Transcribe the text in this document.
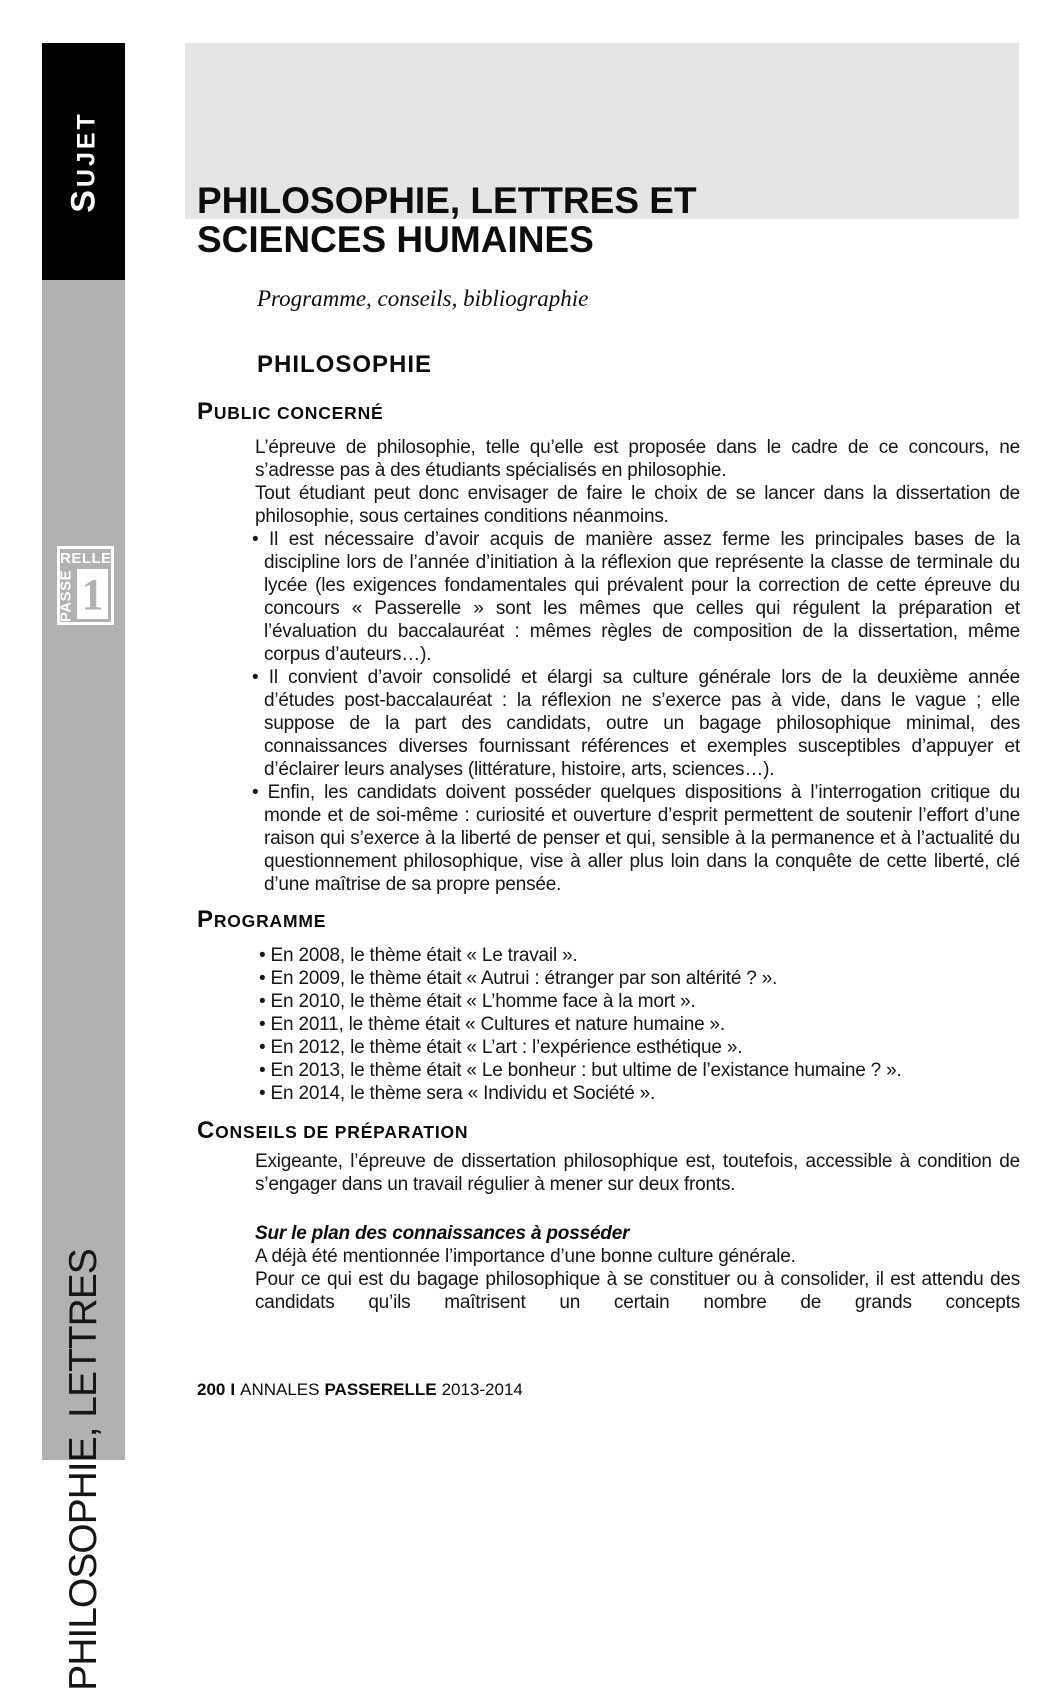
SUJET
RELLE
PASSE 1
PHILOSOPHIE, LETTRES
PHILOSOPHIE, LETTRES ET
SCIENCES HUMAINES
Programme, conseils, bibliographie
PHILOSOPHIE
PUBLIC CONCERNÉ

L’épreuve de philosophie, telle qu’elle est proposée dans le cadre de ce concours, ne s’adresse pas à des étudiants spécialisés en philosophie.

Tout étudiant peut donc envisager de faire le choix de se lancer dans la dissertation de philosophie, sous certaines conditions néanmoins.

• Il est nécessaire d’avoir acquis de manière assez ferme les principales bases de la discipline lors de l’année d’initiation à la réflexion que représente la classe de terminale du lycée (les exigences fondamentales qui prévalent pour la correction de cette épreuve du concours « Passerelle » sont les mêmes que celles qui régulent la préparation et l’évaluation du baccalauréat : mêmes règles de composition de la dissertation, même corpus d’auteurs…).
• Il convient d’avoir consolidé et élargi sa culture générale lors de la deuxième année d’études post-baccalauréat : la réflexion ne s’exerce pas à vide, dans le vague ; elle suppose de la part des candidats, outre un bagage philosophique minimal, des connaissances diverses fournissant références et exemples susceptibles d’appuyer et d’éclairer leurs analyses (littérature, histoire, arts, sciences…).
• Enfin, les candidats doivent posséder quelques dispositions à l’interrogation critique du monde et de soi-même : curiosité et ouverture d’esprit permettent de soutenir l’effort d’une raison qui s’exerce à la liberté de penser et qui, sensible à la permanence et à l’actualité du questionnement philosophique, vise à aller plus loin dans la conquête de cette liberté, clé d’une maîtrise de sa propre pensée.
PROGRAMME
• En 2008, le thème était « Le travail ».
• En 2009, le thème était « Autrui : étranger par son altérité ? ».
• En 2010, le thème était « L’homme face à la mort ».
• En 2011, le thème était « Cultures et nature humaine ».
• En 2012, le thème était « L’art : l’expérience esthétique ».
• En 2013, le thème était « Le bonheur : but ultime de l’existance humaine ? ».
• En 2014, le thème sera « Individu et Société ».
CONSEILS DE PRÉPARATION

Exigeante, l’épreuve de dissertation philosophique est, toutefois, accessible à condition de s’engager dans un travail régulier à mener sur deux fronts.

Sur le plan des connaissances à posséder

A déjà été mentionnée l’importance d’une bonne culture générale.

Pour ce qui est du bagage philosophique à se constituer ou à consolider, il est attendu des candidats qu’ils maîtrisent un certain nombre de grands concepts

200 I ANNALES PASSERELLE 2013-2014
